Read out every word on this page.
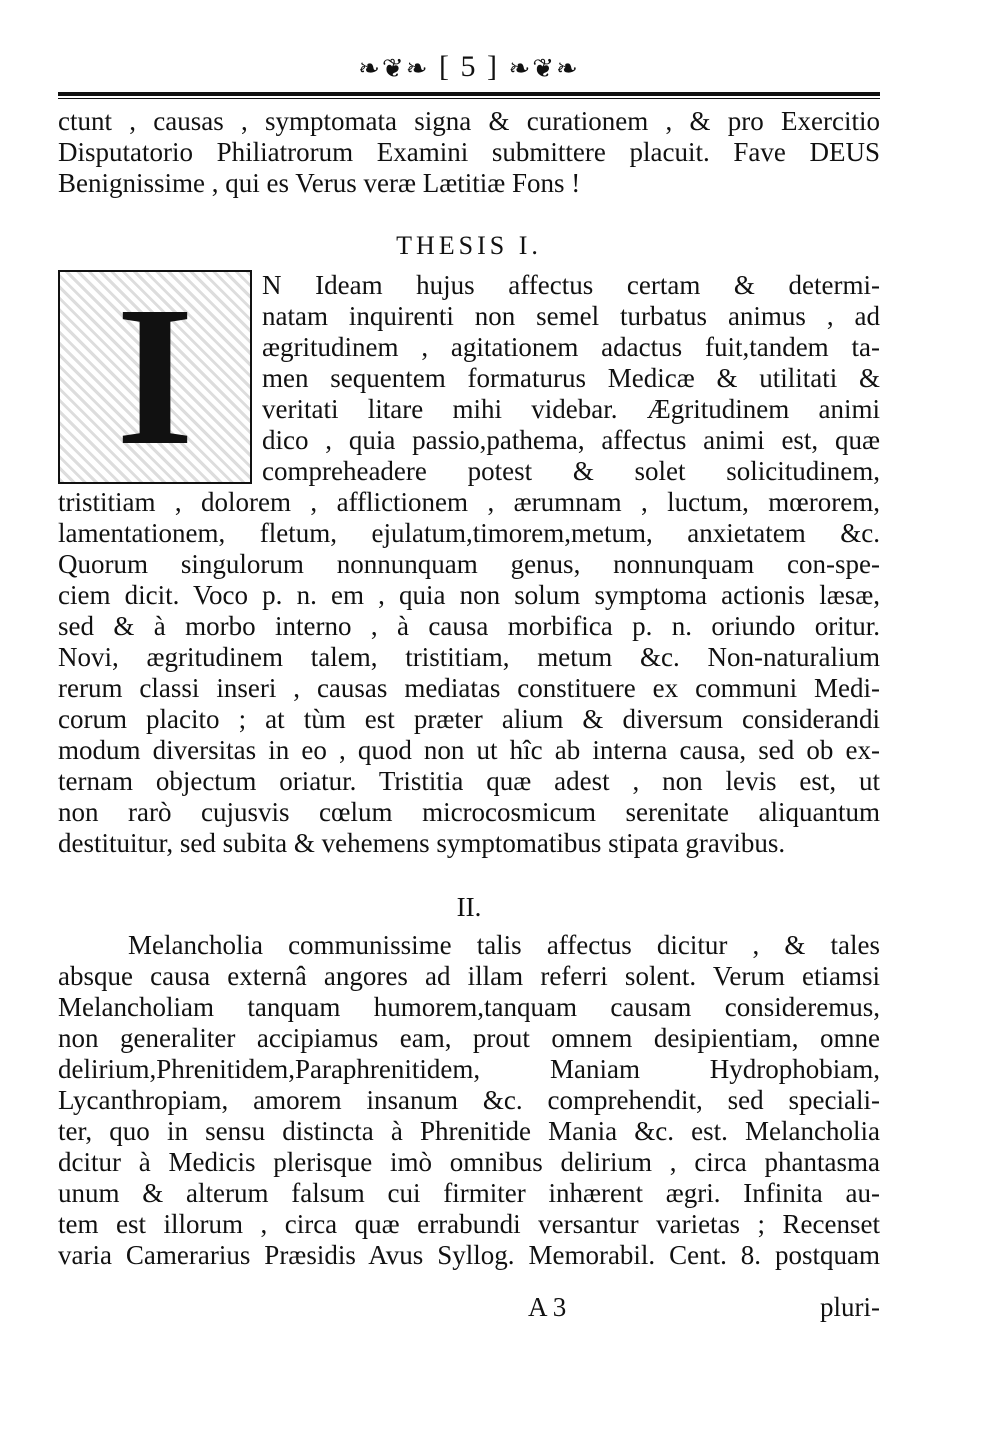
❧❦❧ [ 5 ] ❧❦❧
ctunt , causas , symptomata signa & curationem , & pro Exercitio
Disputatorio Philiatrorum Examini submittere placuit. Fave DEUS
Benignissime , qui es Verus veræ Lætitiæ Fons !
THESIS I.
I	N Ideam hujus affectus certam & determi-
natam inquirenti non semel turbatus animus , ad
ægritudinem , agitationem adactus fuit,tandem ta-
men sequentem formaturus Medicæ & utilitati &
veritati litare mihi videbar. Ægritudinem animi
dico , quia passio,pathema, affectus animi est, quæ
compreheadere potest & solet solicitudinem,
tristitiam , dolorem , afflictionem , ærumnam , luctum, mœrorem,
lamentationem, fletum, ejulatum,timorem,metum, anxietatem &c.
Quorum singulorum nonnunquam genus, nonnunquam con-spe-
ciem dicit. Voco p. n. em , quia non solum symptoma actionis læsæ,
sed & à morbo interno , à causa morbifica p. n. oriundo oritur.
Novi, ægritudinem talem, tristitiam, metum &c. Non-naturalium
rerum classi inseri , causas mediatas constituere ex communi Medi-
corum placito ; at tùm est præter alium & diversum considerandi
modum diversitas in eo , quod non ut hîc ab interna causa, sed ob ex-
ternam objectum oriatur. Tristitia quæ adest , non levis est, ut
non rarò cujusvis cœlum microcosmicum serenitate aliquantum
destituitur, sed subita & vehemens symptomatibus stipata gravibus.
II.
Melancholia communissime talis affectus dicitur , & tales
absque causa externâ angores ad illam referri solent. Verum etiamsi
Melancholiam tanquam humorem,tanquam causam consideremus,
non generaliter accipiamus eam, prout omnem desipientiam, omne
delirium,Phrenitidem,Paraphrenitidem, Maniam Hydrophobiam,
Lycanthropiam, amorem insanum &c. comprehendit, sed speciali-
ter, quo in sensu distincta à Phrenitide Mania &c. est. Melancholia
dcitur à Medicis plerisque imò omnibus delirium , circa phantasma
unum & alterum falsum cui firmiter inhærent ægri. Infinita au-
tem est illorum , circa quæ errabundi versantur varietas ; Recenset
varia Camerarius Præsidis Avus Syllog. Memorabil. Cent. 8. postquam
A 3	pluri-
